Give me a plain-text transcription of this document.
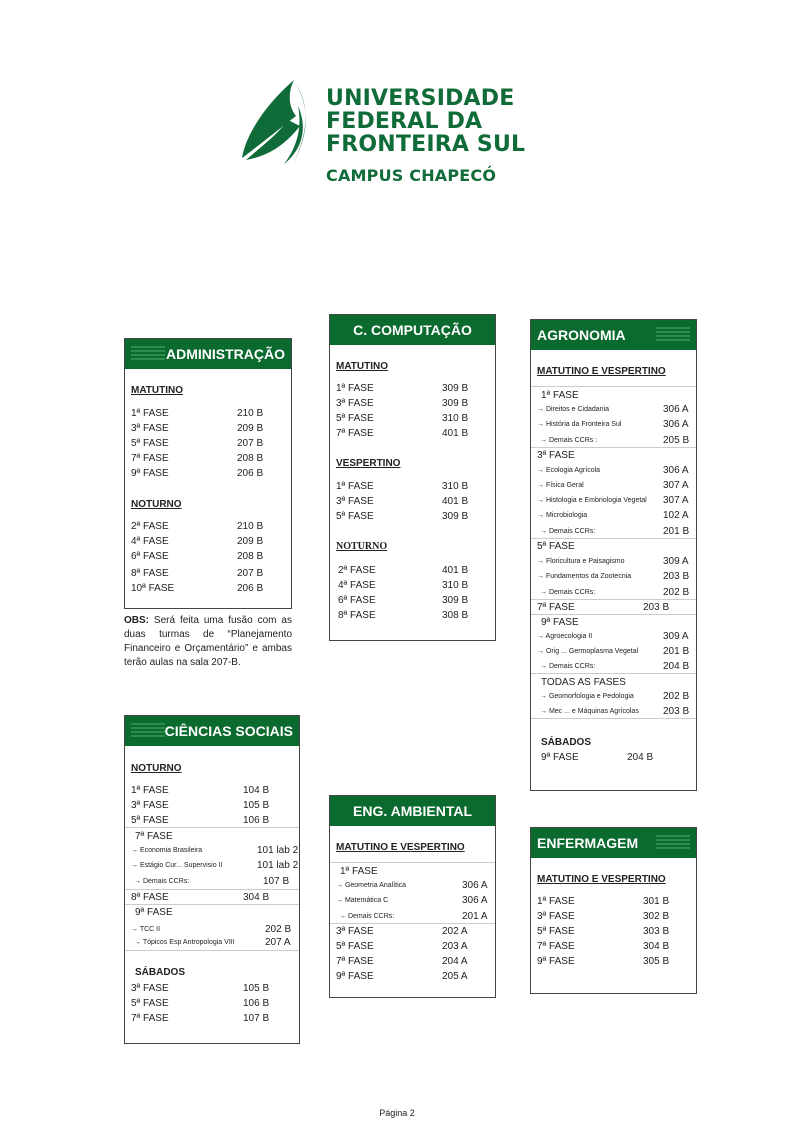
UNIVERSIDADE
FEDERAL DA
FRONTEIRA SUL
CAMPUS CHAPECÓ
ADMINISTRAÇÃO
MATUTINO
1ª FASE	210 B
3ª FASE	209 B
5ª FASE	207 B
7ª FASE	208 B
9ª FASE	206 B
NOTURNO
2ª FASE	210 B
4ª FASE	209 B
6ª FASE	208 B
8ª FASE	207 B
10ª FASE	206 B
OBS: Será feita uma fusão com as duas turmas de “Planejamento Financeiro e Orçamentário” e ambas terão aulas na sala 207-B.
C. COMPUTAÇÃO
MATUTINO
1ª FASE	309 B
3ª FASE	309 B
5ª FASE	310 B
7ª FASE	401 B
VESPERTINO
1ª FASE	310 B
3ª FASE	401 B
5ª FASE	309 B
NOTURNO
2ª FASE	401 B
4ª FASE	310 B
6ª FASE	309 B
8ª FASE	308 B
AGRONOMIA
MATUTINO E VESPERTINO
1ª FASE
→ Direitos e Cidadania	306 A
→ História da Fronteira Sul	306 A
→ Demais CCRs :	205 B
3ª FASE
→ Ecologia Agrícola	306 A
→ Física Geral	307 A
→ Histologia e Embriologia Vegetal 307 A
→ Microbiologia	102 A
→ Demais CCRs:	201 B
5ª FASE
→ Floricultura e Paisagismo	309 A
→ Fundamentos da Zootecnia	203 B
→ Demais CCRs:	202 B
7ª FASE	203 B
9ª FASE
→ Agroecologia II	309 A
→ Orig ... Germoplasma Vegetal 201 B
→ Demais CCRs:	204 B
TODAS AS FASES
→ Geomorfologia e Pedologia	202 B
→ Mec ... e Máquinas Agrícolas 203 B
SÁBADOS
9ª FASE	204 B
CIÊNCIAS SOCIAIS
NOTURNO
1ª FASE	104 B
3ª FASE	105 B
5ª FASE	106 B
7ª FASE
→ Economia Brasileira	101 lab 2
→ Estágio Cur... Supervisio II	101 lab 2
→ Demais CCRs:	107 B
8ª FASE	304 B
9ª FASE
→ TCC II	202 B
→ Tópicos Esp Antropologia VIII	207 A
SÁBADOS
3ª FASE	105 B
5ª FASE	106 B
7ª FASE	107 B
ENG. AMBIENTAL
MATUTINO E VESPERTINO
1ª FASE
→ Geometria Analítica	306 A
→ Matemática C	306 A
→ Demais CCRs:	201 A
3ª FASE	202 A
5ª FASE	203 A
7ª FASE	204 A
9ª FASE	205 A
ENFERMAGEM
MATUTINO E VESPERTINO
1ª FASE	301 B
3ª FASE	302 B
5ª FASE	303 B
7ª FASE	304 B
9ª FASE	305 B
Página 2
